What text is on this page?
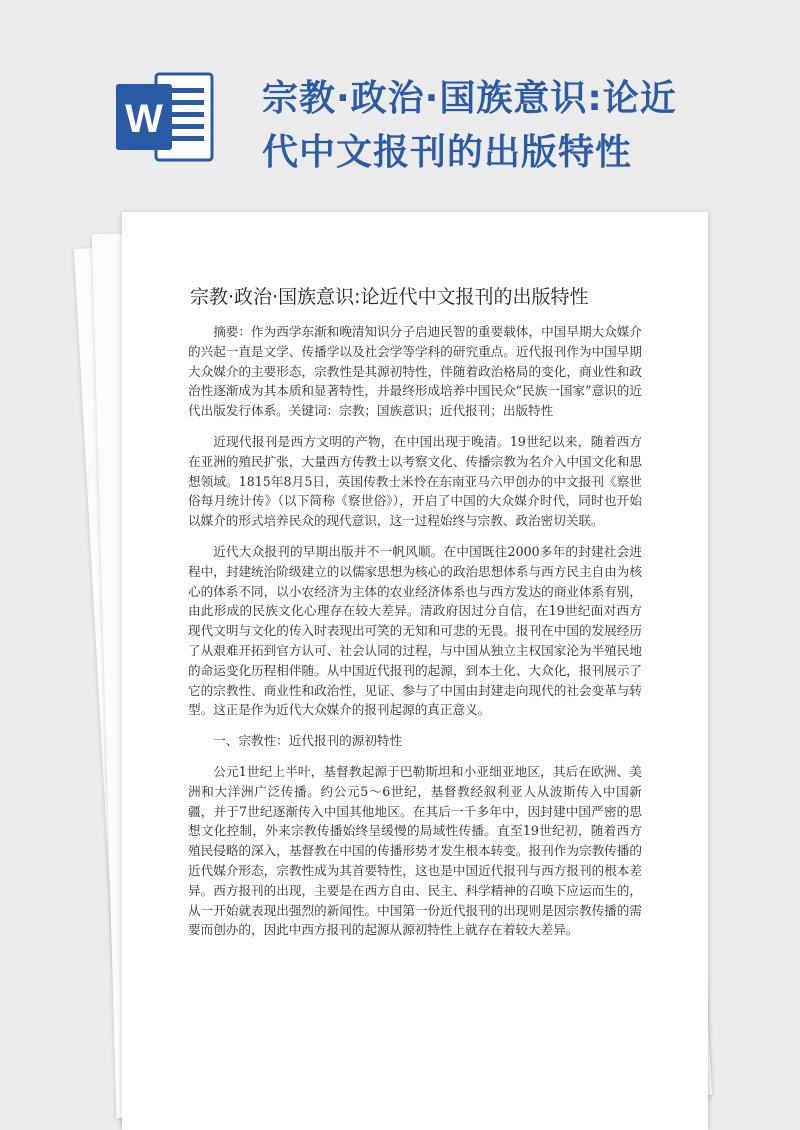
W	宗教·政治·国族意识:论近代中文报刊的出版特性
宗教·政治·国族意识:论近代中文报刊的出版特性

摘要：作为西学东渐和晚清知识分子启迪民智的重要载体，中国早期大众媒介的兴起一直是文学、传播学以及社会学等学科的研究重点。近代报刊作为中国早期大众媒介的主要形态，宗教性是其源初特性，伴随着政治格局的变化，商业性和政治性逐渐成为其本质和显著特性，并最终形成培养中国民众“民族一国家”意识的近代出版发行体系。关键词：宗教；国族意识；近代报刊；出版特性

近现代报刊是西方文明的产物，在中国出现于晚清。19世纪以来，随着西方在亚洲的殖民扩张，大量西方传教士以考察文化、传播宗教为名介入中国文化和思想领域。1815年8月5日，英国传教士米怜在东南亚马六甲创办的中文报刊《察世俗每月统计传》（以下简称《察世俗》），开启了中国的大众媒介时代，同时也开始以媒介的形式培养民众的现代意识，这一过程始终与宗教、政治密切关联。

近代大众报刊的早期出版并不一帆风顺。在中国既往2000多年的封建社会进程中，封建统治阶级建立的以儒家思想为核心的政治思想体系与西方民主自由为核心的体系不同，以小农经济为主体的农业经济体系也与西方发达的商业体系有别，由此形成的民族文化心理存在较大差异。清政府因过分自信，在19世纪面对西方现代文明与文化的传入时表现出可笑的无知和可悲的无畏。报刊在中国的发展经历了从艰难开拓到官方认可、社会认同的过程，与中国从独立主权国家沦为半殖民地的命运变化历程相伴随。从中国近代报刊的起源，到本土化、大众化，报刊展示了它的宗教性、商业性和政治性，见证、参与了中国由封建走向现代的社会变革与转型。这正是作为近代大众媒介的报刊起源的真正意义。

一、宗教性：近代报刊的源初特性

公元1世纪上半叶，基督教起源于巴勒斯坦和小亚细亚地区，其后在欧洲、美洲和大洋洲广泛传播。约公元5～6世纪，基督教经叙利亚人从波斯传入中国新疆，并于7世纪逐渐传入中国其他地区。在其后一千多年中，因封建中国严密的思想文化控制，外来宗教传播始终呈缓慢的局域性传播。直至19世纪初，随着西方殖民侵略的深入，基督教在中国的传播形势才发生根本转变。报刊作为宗教传播的近代媒介形态，宗教性成为其首要特性，这也是中国近代报刊与西方报刊的根本差异。西方报刊的出现，主要是在西方自由、民主、科学精神的召唤下应运而生的，从一开始就表现出强烈的新闻性。中国第一份近代报刊的出现则是因宗教传播的需要而创办的，因此中西方报刊的起源从源初特性上就存在着较大差异。
